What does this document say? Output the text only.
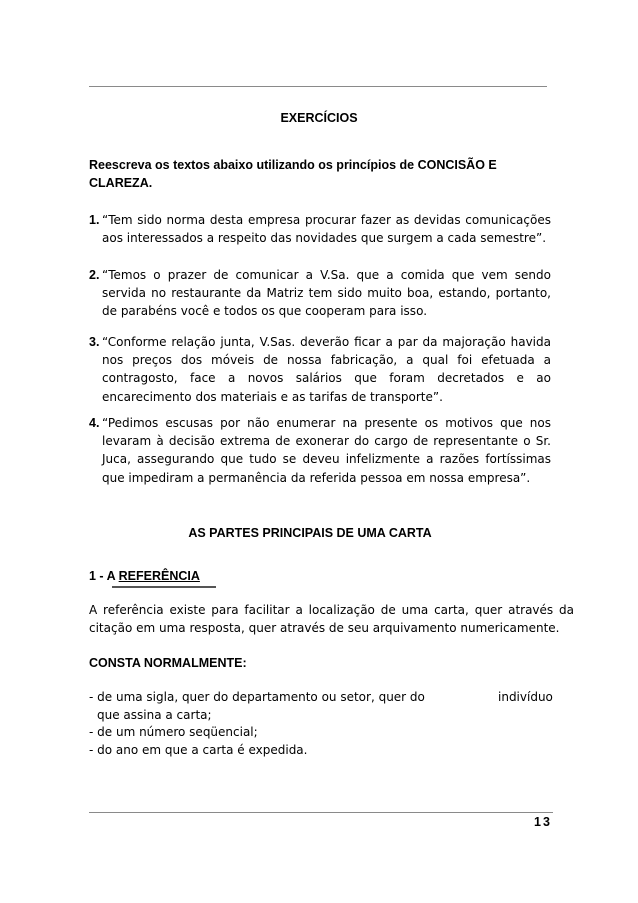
EXERCÍCIOS
Reescreva os textos abaixo utilizando os princípios de CONCISÃO E CLAREZA.
1. “Tem sido norma desta empresa procurar fazer as devidas comunicações aos interessados a respeito das novidades que surgem a cada semestre”.
2. “Temos o prazer de comunicar a V.Sa. que a comida que vem sendo servida no restaurante da Matriz tem sido muito boa, estando, portanto, de parabéns você e todos os que cooperam para isso.
3. “Conforme relação junta, V.Sas. deverão ficar a par da majoração havida nos preços dos móveis de nossa fabricação, a qual foi efetuada a contragosto, face a novos salários que foram decretados e ao encarecimento dos materiais e as tarifas de transporte”.
4. “Pedimos escusas por não enumerar na presente os motivos que nos levaram à decisão extrema de exonerar do cargo de representante o Sr. Juca, assegurando que tudo se deveu infelizmente a razões fortíssimas que impediram a permanência da referida pessoa em nossa empresa”.
AS PARTES PRINCIPAIS DE UMA CARTA
1 - A REFERÊNCIA
A referência existe para facilitar a localização de uma carta, quer através da citação em uma resposta, quer através de seu arquivamento numericamente.
CONSTA NORMALMENTE:
- de uma sigla, quer do departamento ou setor, quer do	indivíduo
que assina a carta;
- de um número seqüencial;
- do ano em que a carta é expedida.
13
